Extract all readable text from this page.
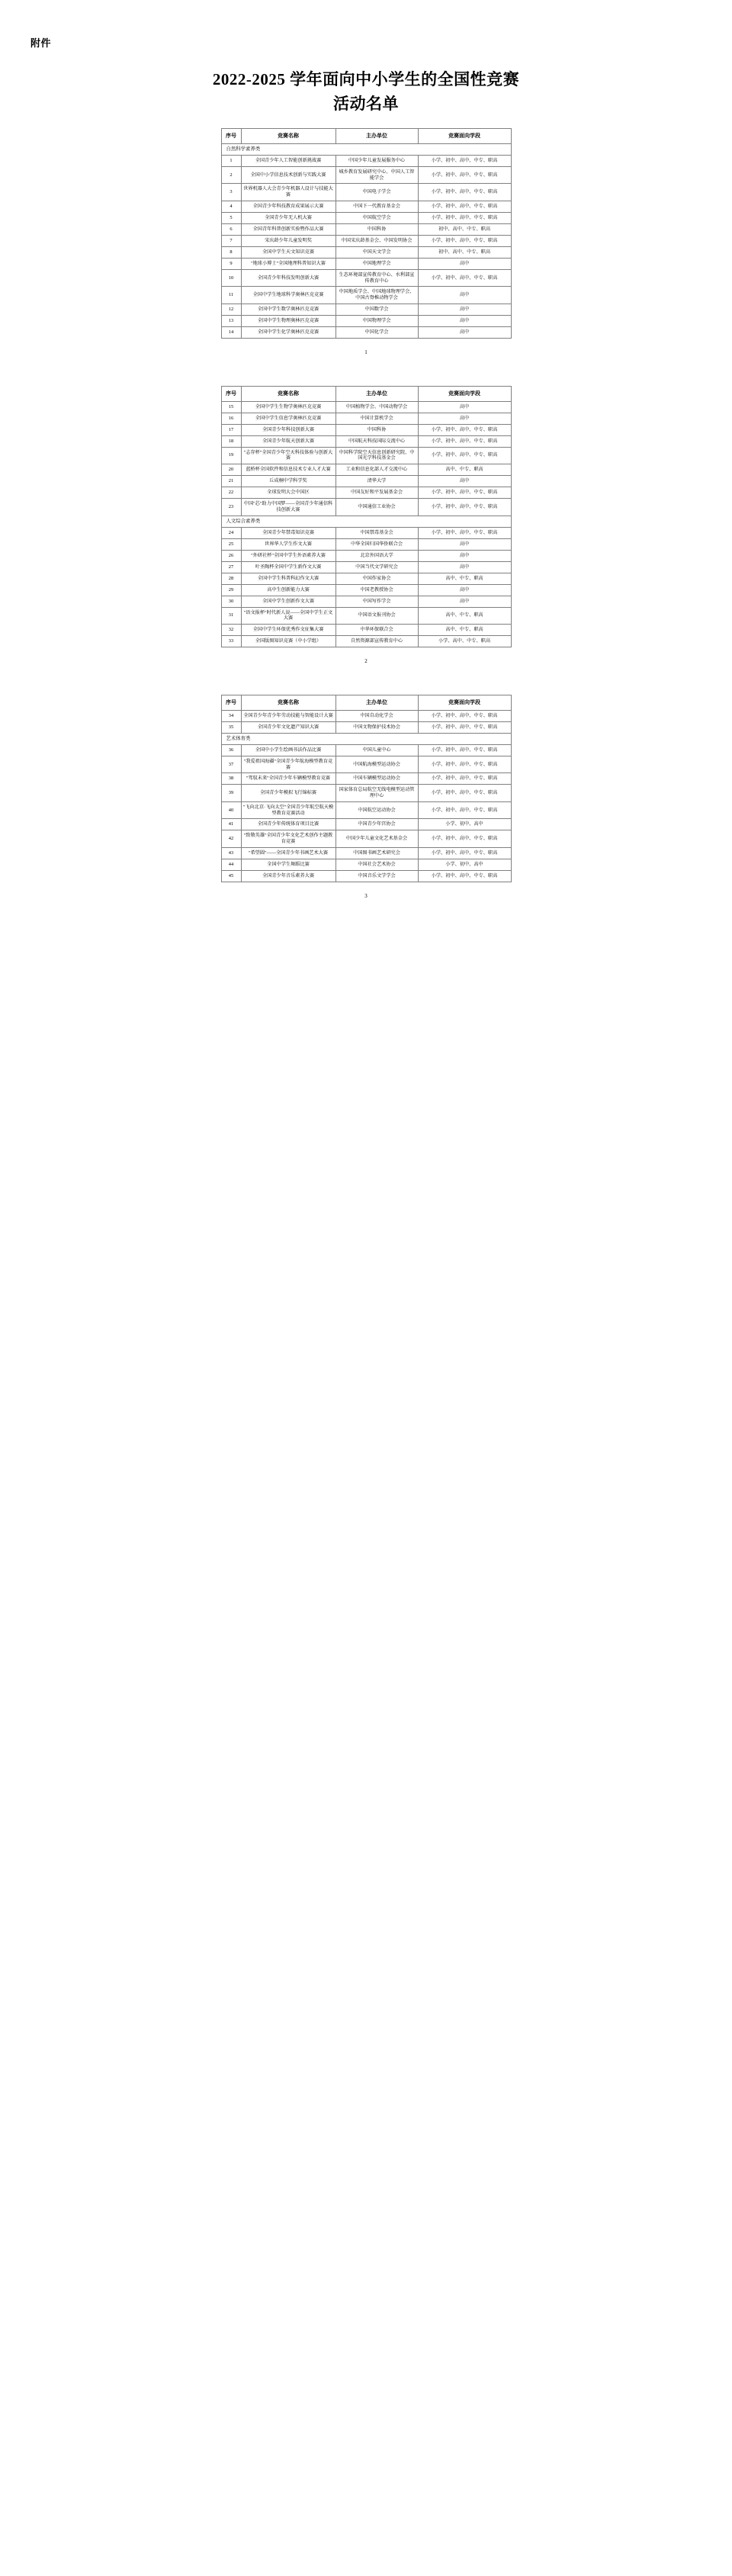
附件
2022-2025 学年面向中小学生的全国性竞赛
活动名单
序号	竞赛名称	主办单位	竞赛面向学段
自然科学素养类			
1	全国青少年人工智能创新挑战赛	中国少年儿童发展服务中心	小学、初中、高中、中专、职高
2	全国中小学信息技术创新与实践大赛	城乡教育发展研究中心、中国人工智能学会	小学、初中、高中、中专、职高
3	世界机器人大会青少年机器人设计与技能大赛	中国电子学会	小学、初中、高中、中专、职高
4	全国青少年科技教育成果展示大赛	中国下一代教育基金会	小学、初中、高中、中专、职高
5	全国青少年无人机大赛	中国航空学会	小学、初中、高中、中专、职高
6	全国青年科普创新实验暨作品大赛	中国科协	初中、高中、中专、职高
7	宋庆龄少年儿童发明奖	中国宋庆龄基金会、中国发明协会	小学、初中、高中、中专、职高
8	全国中学生天文知识竞赛	中国天文学会	初中、高中、中专、职高
9	"地球小博士"全国地理科普知识大赛	中国地理学会	高中
10	全国青少年科技发明创新大赛	生态环境部宣传教育中心、水利部宣传教育中心	小学、初中、高中、中专、职高
11	全国中学生地球科学奥林匹克竞赛	中国地质学会、中国地球物理学会、中国古脊椎动物学会	高中
12	全国中学生数学奥林匹克竞赛	中国数学会	高中
13	全国中学生物理奥林匹克竞赛	中国物理学会	高中
14	全国中学生化学奥林匹克竞赛	中国化学会	高中
1
序号	竞赛名称	主办单位	竞赛面向学段
15	全国中学生生物学奥林匹克竞赛	中国植物学会、中国动物学会	高中
16	全国中学生信息学奥林匹克竞赛	中国计算机学会	高中
17	全国青少年科技创新大赛	中国科协	小学、初中、高中、中专、职高
18	全国青少年航天创新大赛	中国航天科技国际交流中心	小学、初中、高中、中专、职高
19	"志存杯"全国青少年空天科技体验与创新大赛	中国科学院空天信息创新研究院、中国光学科技基金会	小学、初中、高中、中专、职高
20	蓝桥杯全国软件和信息技术专业人才大赛	工业和信息化部人才交流中心	高中、中专、职高
21	丘成桐中学科学奖	清华大学	高中
22	全球发明大会中国区	中国友好和平发展基金会	小学、初中、高中、中专、职高
23	中国"芯"助力中国梦——全国青少年通信科技创新大赛	中国通信工业协会	小学、初中、高中、中专、职高
人文综合素养类			
24	全国青少年禁毒知识竞赛	中国禁毒基金会	小学、初中、高中、中专、职高
25	世界华人学生作文大赛	中华全国归国华侨联合会	高中
26	"外研社杯"全国中学生外语素养大赛	北京外国语大学	高中
27	叶圣陶杯全国中学生新作文大赛	中国当代文学研究会	高中
28	全国中学生科普科幻作文大赛	中国作家协会	高中、中专、职高
29	高中生创新能力大赛	中国老教授协会	高中
30	全国中学生创新作文大赛	中国写作学会	高中
31	"语文报杯"时代新人说——全国中学生正文大赛	中国语文报刊协会	高中、中专、职高
32	全国中学生环保优秀作文征集大赛	中华环保联合会	高中、中专、职高
33	全国版图知识竞赛（中小学组）	自然资源部宣传教育中心	小学、高中、中专、职高
2
序号	竞赛名称	主办单位	竞赛面向学段
34	全国青少年青少年劳动技能与智能设计大赛	中国自动化学会	小学、初中、高中、中专、职高
35	全国青少年文化遗产知识大赛	中国文物保护技术协会	小学、初中、高中、中专、职高
艺术体育类			
36	全国中小学生绘画书法作品比赛	中国儿童中心	小学、初中、高中、中专、职高
37	"我爱祖国海疆"全国青少年航海模型教育竞赛	中国航海模型运动协会	小学、初中、高中、中专、职高
38	"驾驭未来"全国青少年车辆模型教育竞赛	中国车辆模型运动协会	小学、初中、高中、中专、职高
39	全国青少年模拟飞行锦标赛	国家体育总局航空无线电模型运动管理中心	小学、初中、高中、中专、职高
40	"飞向北京·飞向太空"全国青少年航空航天模型教育竞赛活动	中国航空运动协会	小学、初中、高中、中专、职高
41	全国青少年传统体育项目比赛	中国青少年宫协会	小学、初中、高中
42	"致敬英雄"全国青少年文化艺术创作主题教育竞赛	中国少年儿童文化艺术基金会	小学、初中、高中、中专、职高
43	"希望圆"——全国青少年书画艺术大赛	中国图书画艺术研究会	小学、初中、高中、中专、职高
44	全国中学生舞蹈比赛	中国社会艺术协会	小学、初中、高中
45	全国青少年音乐素养大赛	中国音乐文学学会	小学、初中、高中、中专、职高
3
